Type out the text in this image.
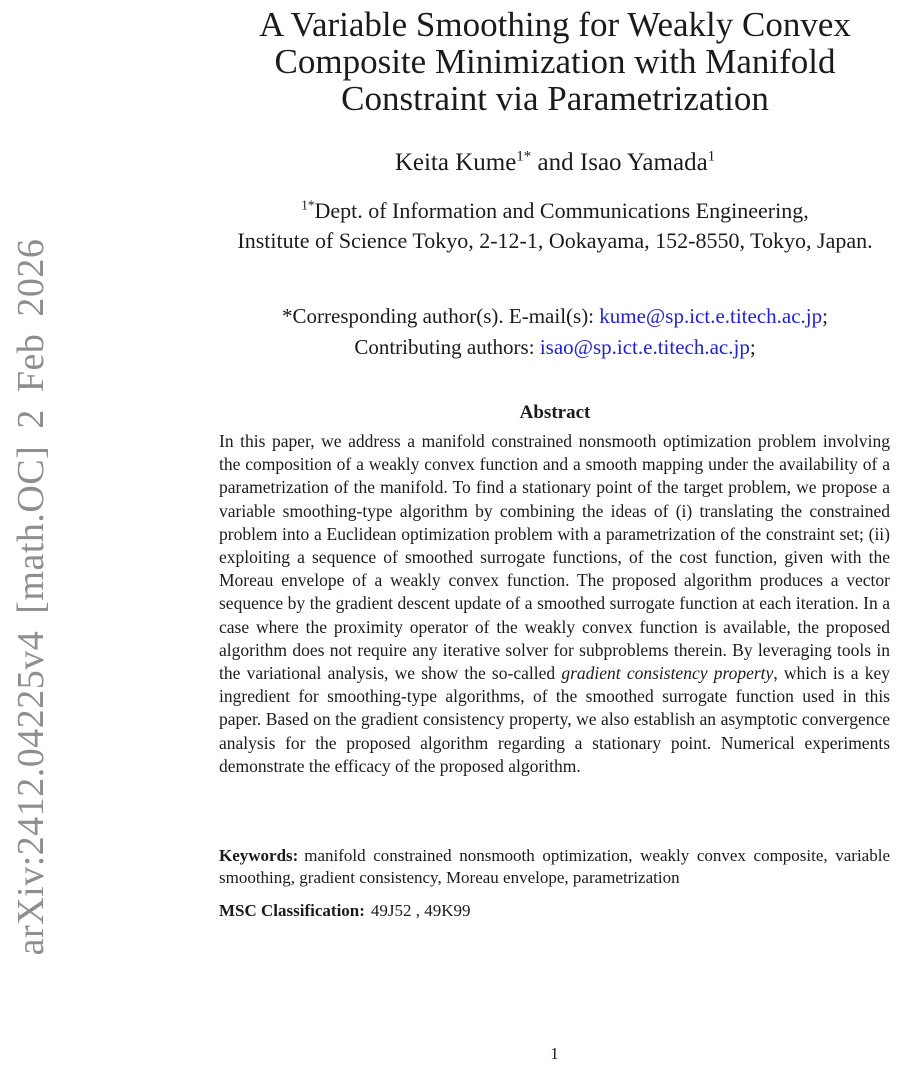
arXiv:2412.04225v4 [math.OC] 2 Feb 2026
A Variable Smoothing for Weakly Convex
Composite Minimization with Manifold
Constraint via Parametrization
Keita Kume$^{1*}$ and Isao Yamada$^1$
$^{1*}$Dept. of Information and Communications Engineering,
Institute of Science Tokyo, 2-12-1, Ookayama, 152-8550, Tokyo, Japan.
*Corresponding author(s). E-mail(s): kume@sp.ict.e.titech.ac.jp;
Contributing authors: isao@sp.ict.e.titech.ac.jp;
Abstract
In this paper, we address a manifold constrained nonsmooth optimization problem involving the composition of a weakly convex function and a smooth mapping under the availability of a parametrization of the manifold. To find a stationary point of the target problem, we propose a variable smoothing-type algorithm by combining the ideas of (i) translating the constrained problem into a Euclidean optimization problem with a parametrization of the constraint set; (ii) exploiting a sequence of smoothed surrogate functions, of the cost function, given with the Moreau envelope of a weakly convex function. The proposed algorithm produces a vector sequence by the gradient descent update of a smoothed surrogate function at each iteration. In a case where the proximity operator of the weakly convex function is available, the proposed algorithm does not require any iterative solver for subproblems therein. By leveraging tools in the variational analysis, we show the so-called gradient consistency property, which is a key ingredient for smoothing-type algorithms, of the smoothed surrogate function used in this paper. Based on the gradient consistency property, we also establish an asymptotic convergence analysis for the proposed algorithm regarding a stationary point. Numerical experiments demonstrate the efficacy of the proposed algorithm.
Keywords: manifold constrained nonsmooth optimization, weakly convex composite, variable smoothing, gradient consistency, Moreau envelope, parametrization
MSC Classification: 49J52 , 49K99
1
